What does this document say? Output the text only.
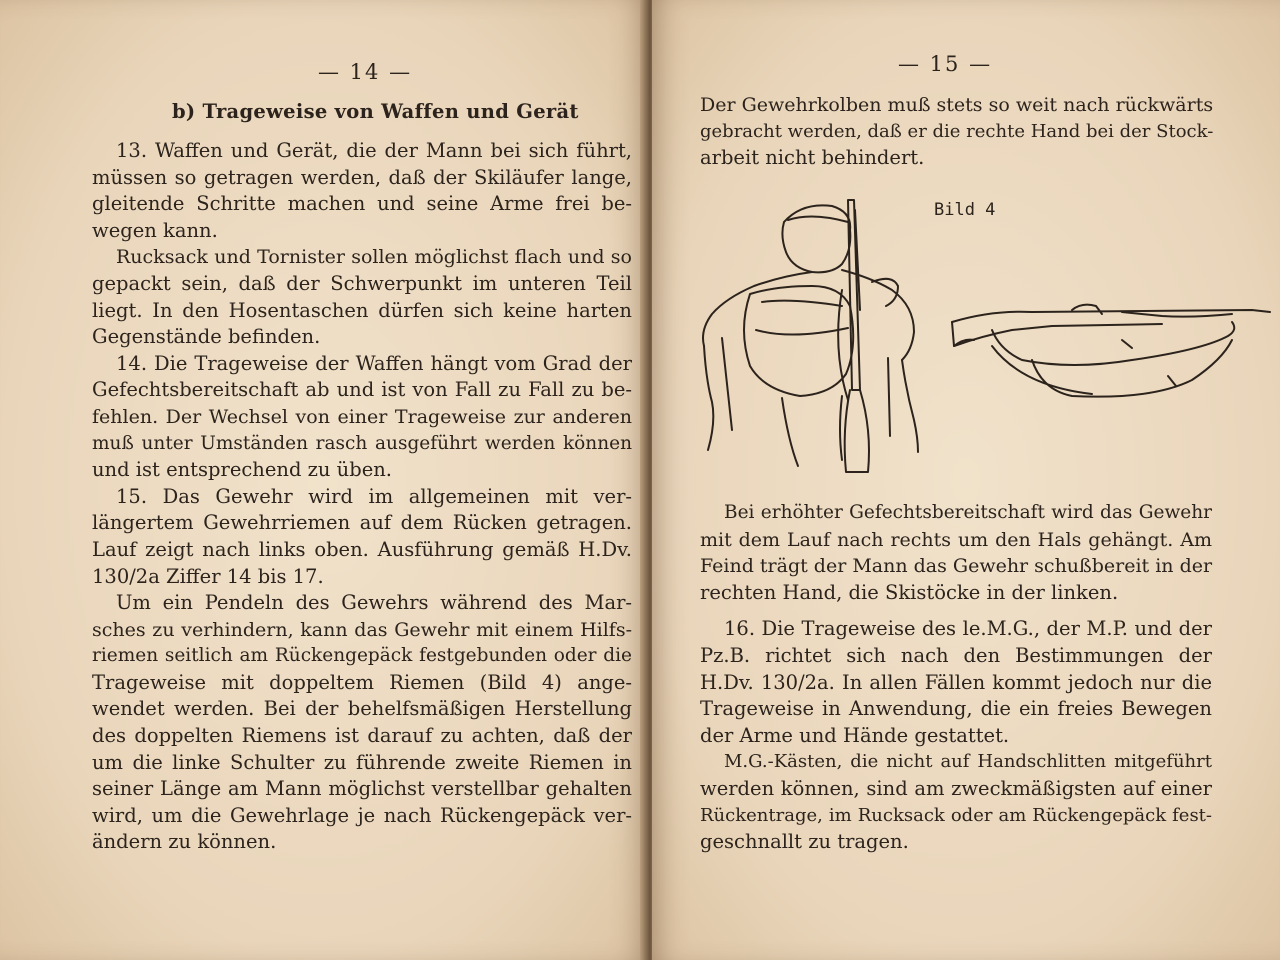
— 14 —
b) Trageweise von Waffen und Gerät
13. Waffen und Gerät, die der Mann bei sich führt,
müssen so getragen werden, daß der Skiläufer lange,
gleitende Schritte machen und seine Arme frei be-
wegen kann.
Rucksack und Tornister sollen möglichst flach und so
gepackt sein, daß der Schwerpunkt im unteren Teil
liegt. In den Hosentaschen dürfen sich keine harten
Gegenstände befinden.
14. Die Trageweise der Waffen hängt vom Grad der
Gefechtsbereitschaft ab und ist von Fall zu Fall zu be-
fehlen. Der Wechsel von einer Trageweise zur anderen
muß unter Umständen rasch ausgeführt werden können
und ist entsprechend zu üben.
15. Das Gewehr wird im allgemeinen mit ver-
längertem Gewehrriemen auf dem Rücken getragen.
Lauf zeigt nach links oben. Ausführung gemäß H.Dv.
130/2a Ziffer 14 bis 17.
Um ein Pendeln des Gewehrs während des Mar-
sches zu verhindern, kann das Gewehr mit einem Hilfs-
riemen seitlich am Rückengepäck festgebunden oder die
Trageweise mit doppeltem Riemen (Bild 4) ange-
wendet werden. Bei der behelfsmäßigen Herstellung
des doppelten Riemens ist darauf zu achten, daß der
um die linke Schulter zu führende zweite Riemen in
seiner Länge am Mann möglichst verstellbar gehalten
wird, um die Gewehrlage je nach Rückengepäck ver-
ändern zu können.
— 15 —
Der Gewehrkolben muß stets so weit nach rückwärts
gebracht werden, daß er die rechte Hand bei der Stock-
arbeit nicht behindert.
Bild 4
Bei erhöhter Gefechtsbereitschaft wird das Gewehr
mit dem Lauf nach rechts um den Hals gehängt. Am
Feind trägt der Mann das Gewehr schußbereit in der
rechten Hand, die Skistöcke in der linken.
16. Die Trageweise des le.M.G., der M.P. und der
Pz.B. richtet sich nach den Bestimmungen der
H.Dv. 130/2a. In allen Fällen kommt jedoch nur die
Trageweise in Anwendung, die ein freies Bewegen
der Arme und Hände gestattet.
M.G.-Kästen, die nicht auf Handschlitten mitgeführt
werden können, sind am zweckmäßigsten auf einer
Rückentrage, im Rucksack oder am Rückengepäck fest-
geschnallt zu tragen.
